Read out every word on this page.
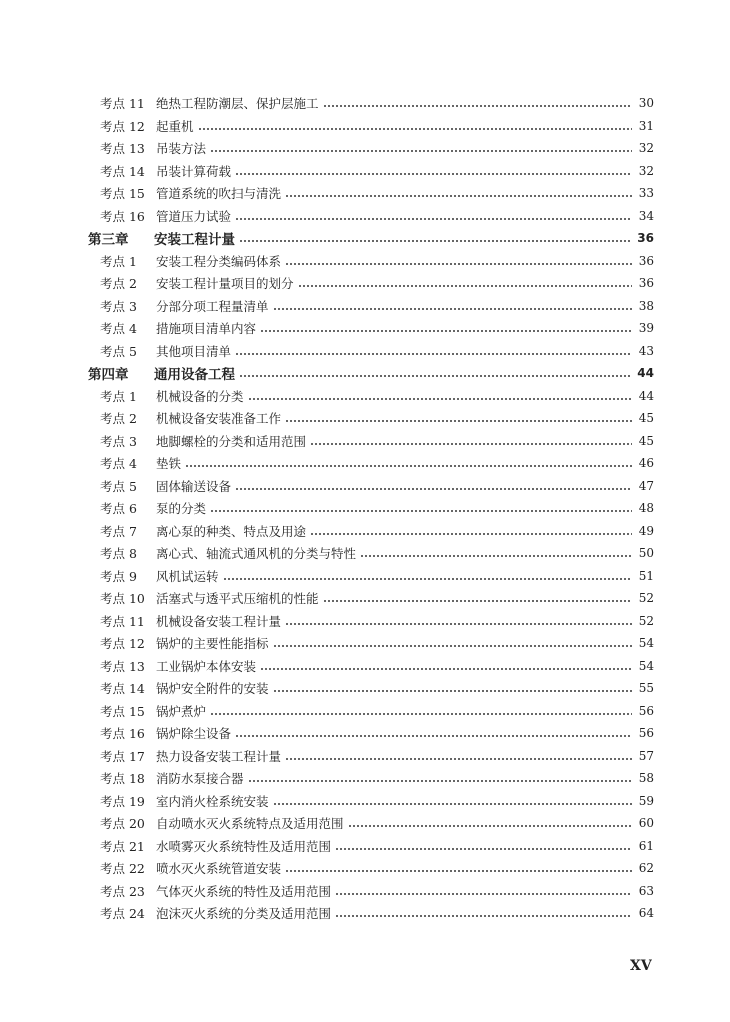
考点 11 绝热工程防潮层、保护层施工	30
考点 12 起重机	31
考点 13 吊装方法	32
考点 14 吊装计算荷载	32
考点 15 管道系统的吹扫与清洗	33
考点 16 管道压力试验	34
第三章	安装工程计量	36
考点 1	安装工程分类编码体系	36
考点 2	安装工程计量项目的划分	36
考点 3	分部分项工程量清单	38
考点 4	措施项目清单内容	39
考点 5	其他项目清单	43
第四章	通用设备工程	44
考点 1	机械设备的分类	44
考点 2	机械设备安装准备工作	45
考点 3	地脚螺栓的分类和适用范围	45
考点 4	垫铁	46
考点 5	固体输送设备	47
考点 6	泵的分类	48
考点 7	离心泵的种类、特点及用途	49
考点 8	离心式、轴流式通风机的分类与特性	50
考点 9	风机试运转	51
考点 10 活塞式与透平式压缩机的性能	52
考点 11 机械设备安装工程计量	52
考点 12 锅炉的主要性能指标	54
考点 13 工业锅炉本体安装	54
考点 14 锅炉安全附件的安装	55
考点 15 锅炉煮炉	56
考点 16 锅炉除尘设备	56
考点 17 热力设备安装工程计量	57
考点 18 消防水泵接合器	58
考点 19 室内消火栓系统安装	59
考点 20 自动喷水灭火系统特点及适用范围	60
考点 21 水喷雾灭火系统特性及适用范围	61
考点 22 喷水灭火系统管道安装	62
考点 23 气体灭火系统的特性及适用范围	63
考点 24 泡沫灭火系统的分类及适用范围	64
XV
